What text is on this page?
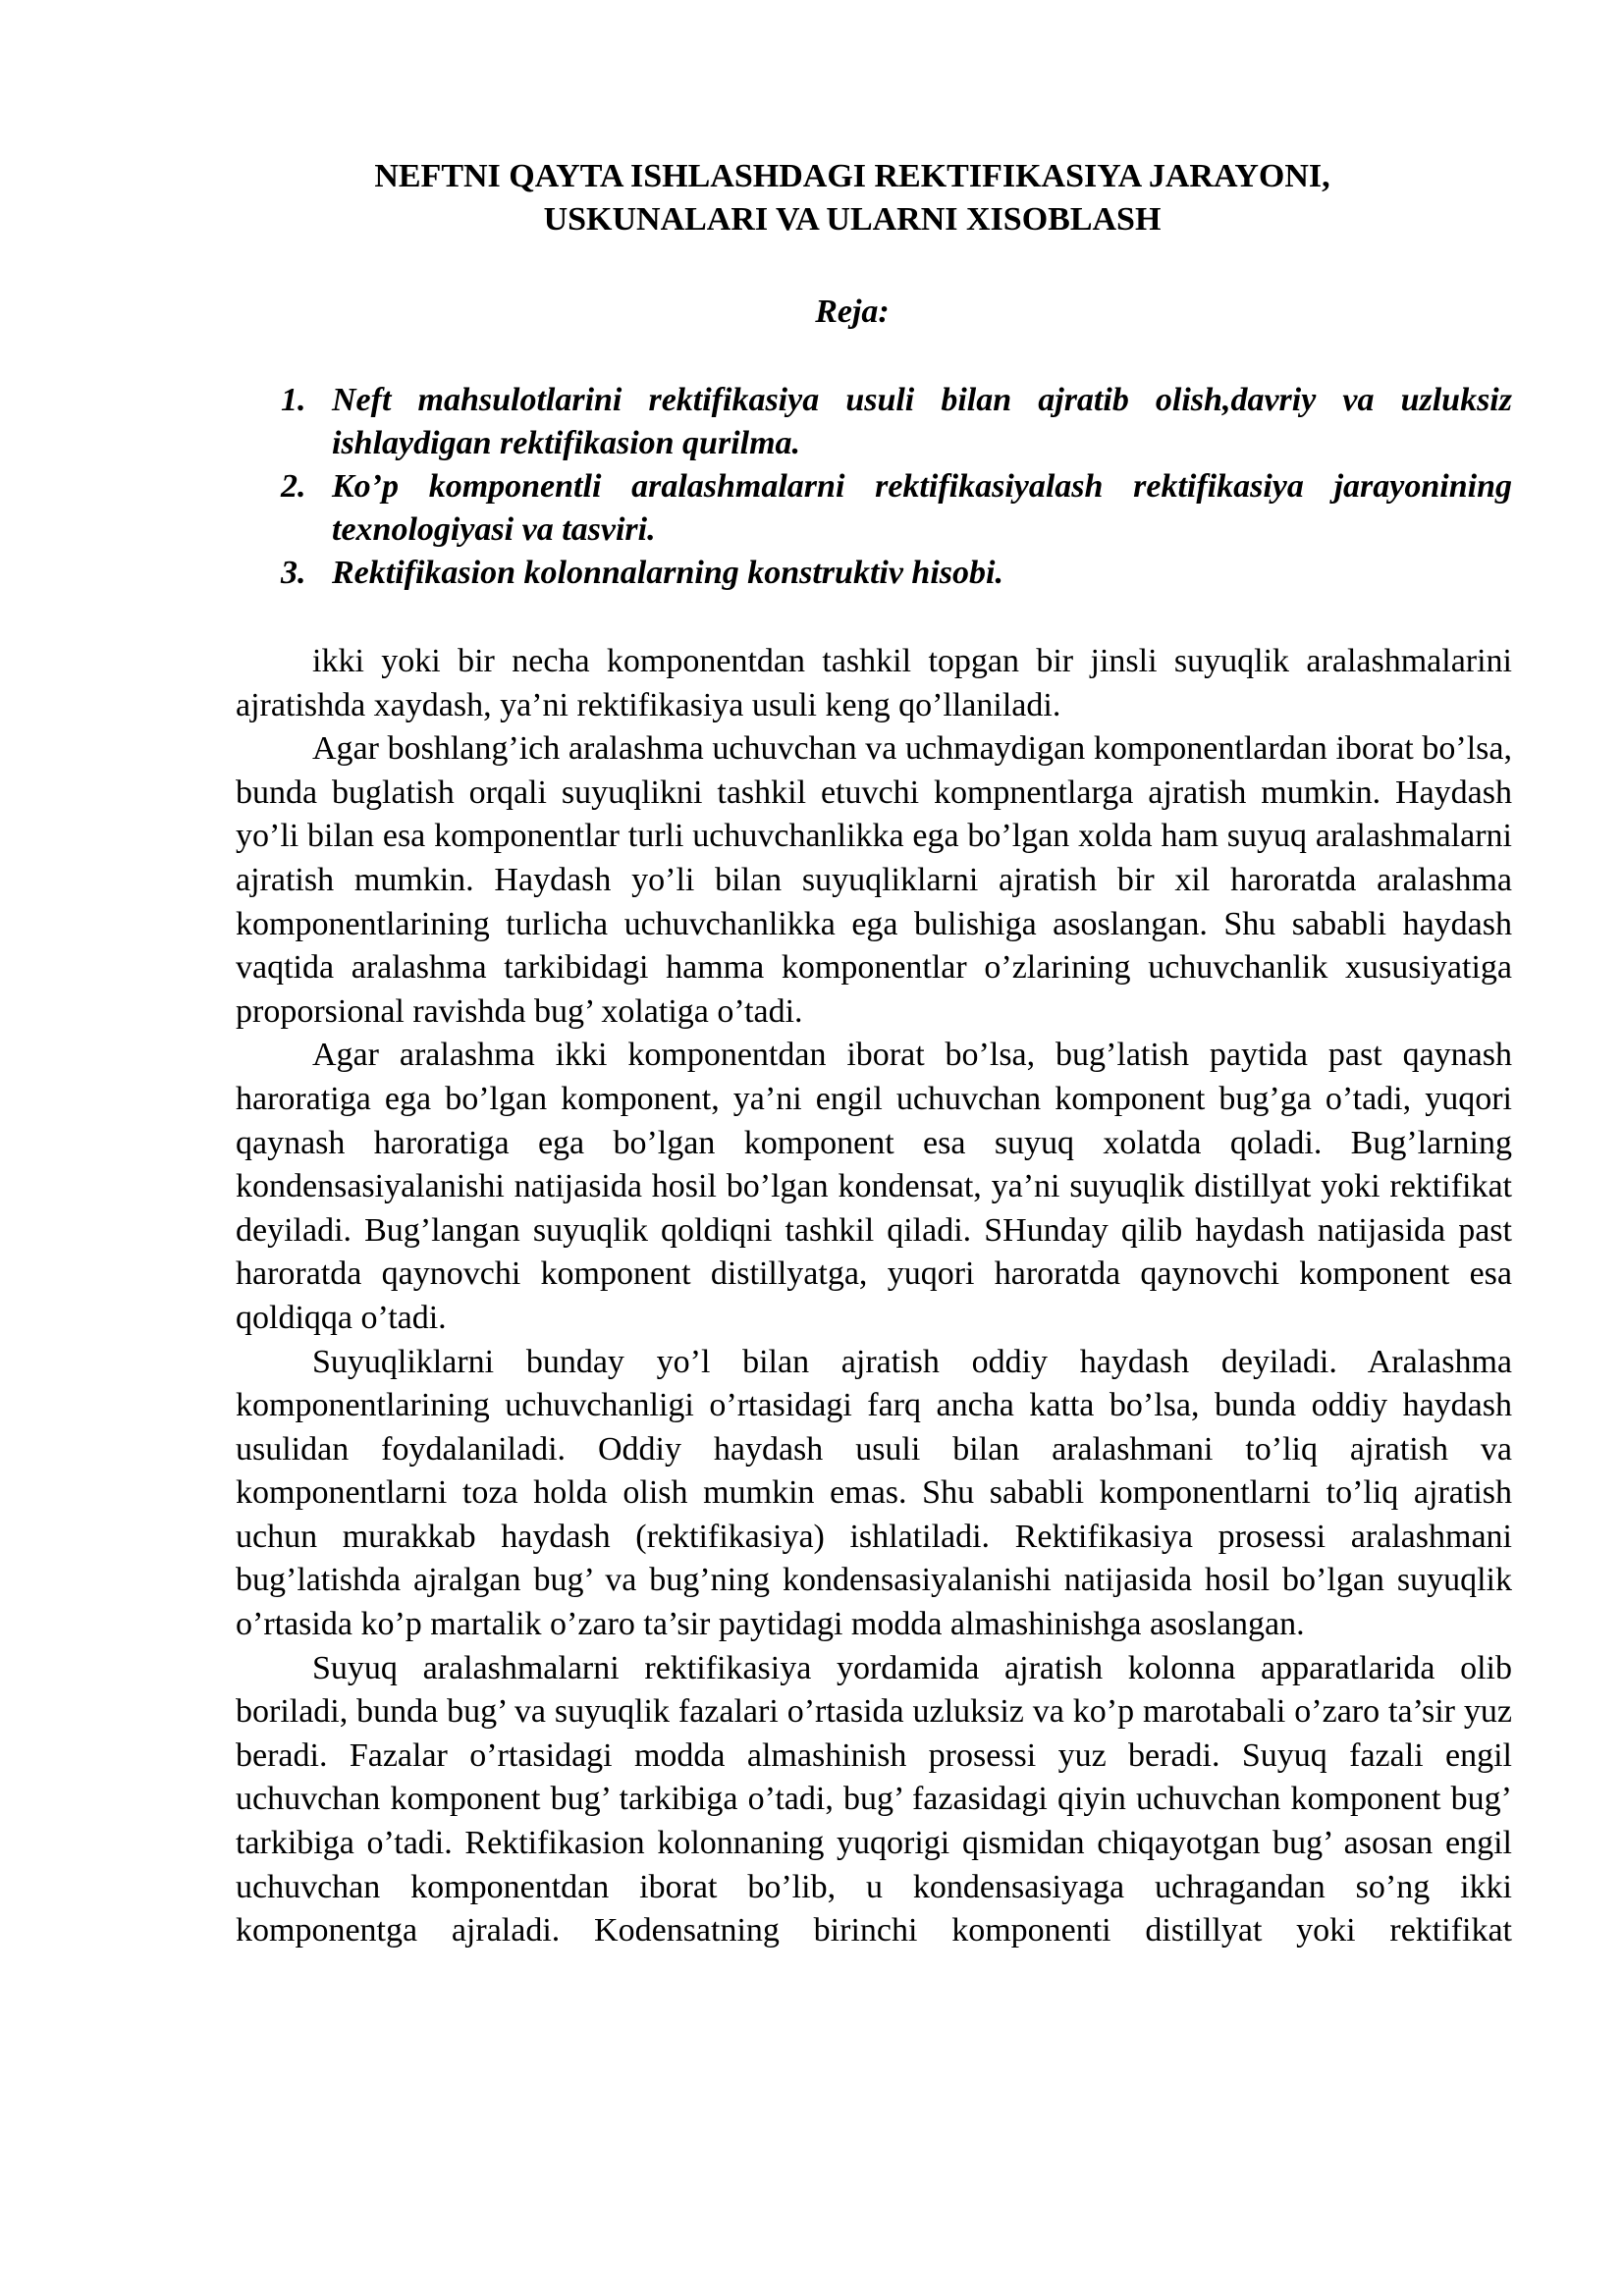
NEFTNI QAYTA ISHLASHDAGI REKTIFIKASIYA JARAYONI,
USKUNALARI VA ULARNI XISOBLASH
Reja:
1. Neft mahsulotlarini rektifikasiya usuli bilan ajratib olish,davriy va uzluksiz ishlaydigan rektifikasion qurilma.
2. Ko’p komponentli aralashmalarni rektifikasiyalash rektifikasiya jarayonining texnologiyasi va tasviri.
3. Rektifikasion kolonnalarning konstruktiv hisobi.

ikki yoki bir necha komponentdan tashkil topgan bir jinsli suyuqlik aralashmalarini ajratishda xaydash, ya’ni rektifikasiya usuli keng qo’llaniladi.

Agar boshlang’ich aralashma uchuvchan va uchmaydigan komponentlardan iborat bo’lsa, bunda buglatish orqali suyuqlikni tashkil etuvchi kompnentlarga ajratish mumkin. Haydash yo’li bilan esa komponentlar turli uchuvchanlikka ega bo’lgan xolda ham suyuq aralashmalarni ajratish mumkin. Haydash yo’li bilan suyuqliklarni ajratish bir xil haroratda aralashma komponentlarining turlicha uchuvchanlikka ega bulishiga asoslangan. Shu sababli haydash vaqtida aralashma tarkibidagi hamma komponentlar o’zlarining uchuvchanlik xususiyatiga proporsional ravishda bug’ xolatiga o’tadi.

Agar aralashma ikki komponentdan iborat bo’lsa, bug’latish paytida past qaynash haroratiga ega bo’lgan komponent, ya’ni engil uchuvchan komponent bug’ga o’tadi, yuqori qaynash haroratiga ega bo’lgan komponent esa suyuq xolatda qoladi. Bug’larning kondensasiyalanishi natijasida hosil bo’lgan kondensat, ya’ni suyuqlik distillyat yoki rektifikat deyiladi. Bug’langan suyuqlik qoldiqni tashkil qiladi. SHunday qilib haydash natijasida past haroratda qaynovchi komponent distillyatga, yuqori haroratda qaynovchi komponent esa qoldiqqa o’tadi.

Suyuqliklarni bunday yo’l bilan ajratish oddiy haydash deyiladi. Aralashma komponentlarining uchuvchanligi o’rtasidagi farq ancha katta bo’lsa, bunda oddiy haydash usulidan foydalaniladi. Oddiy haydash usuli bilan aralashmani to’liq ajratish va komponentlarni toza holda olish mumkin emas. Shu sababli komponentlarni to’liq ajratish uchun murakkab haydash (rektifikasiya) ishlatiladi. Rektifikasiya prosessi aralashmani bug’latishda ajralgan bug’ va bug’ning kondensasiyalanishi natijasida hosil bo’lgan suyuqlik o’rtasida ko’p martalik o’zaro ta’sir paytidagi modda almashinishga asoslangan.

Suyuq aralashmalarni rektifikasiya yordamida ajratish kolonna apparatlarida olib boriladi, bunda bug’ va suyuqlik fazalari o’rtasida uzluksiz va ko’p marotabali o’zaro ta’sir yuz beradi. Fazalar o’rtasidagi modda almashinish prosessi yuz beradi. Suyuq fazali engil uchuvchan komponent bug’ tarkibiga o’tadi, bug’ fazasidagi qiyin uchuvchan komponent bug’ tarkibiga o’tadi. Rektifikasion kolonnaning yuqorigi qismidan chiqayotgan bug’ asosan engil uchuvchan komponentdan iborat bo’lib, u kondensasiyaga uchragandan so’ng ikki komponentga ajraladi. Kodensatning birinchi komponenti distillyat yoki rektifikat
